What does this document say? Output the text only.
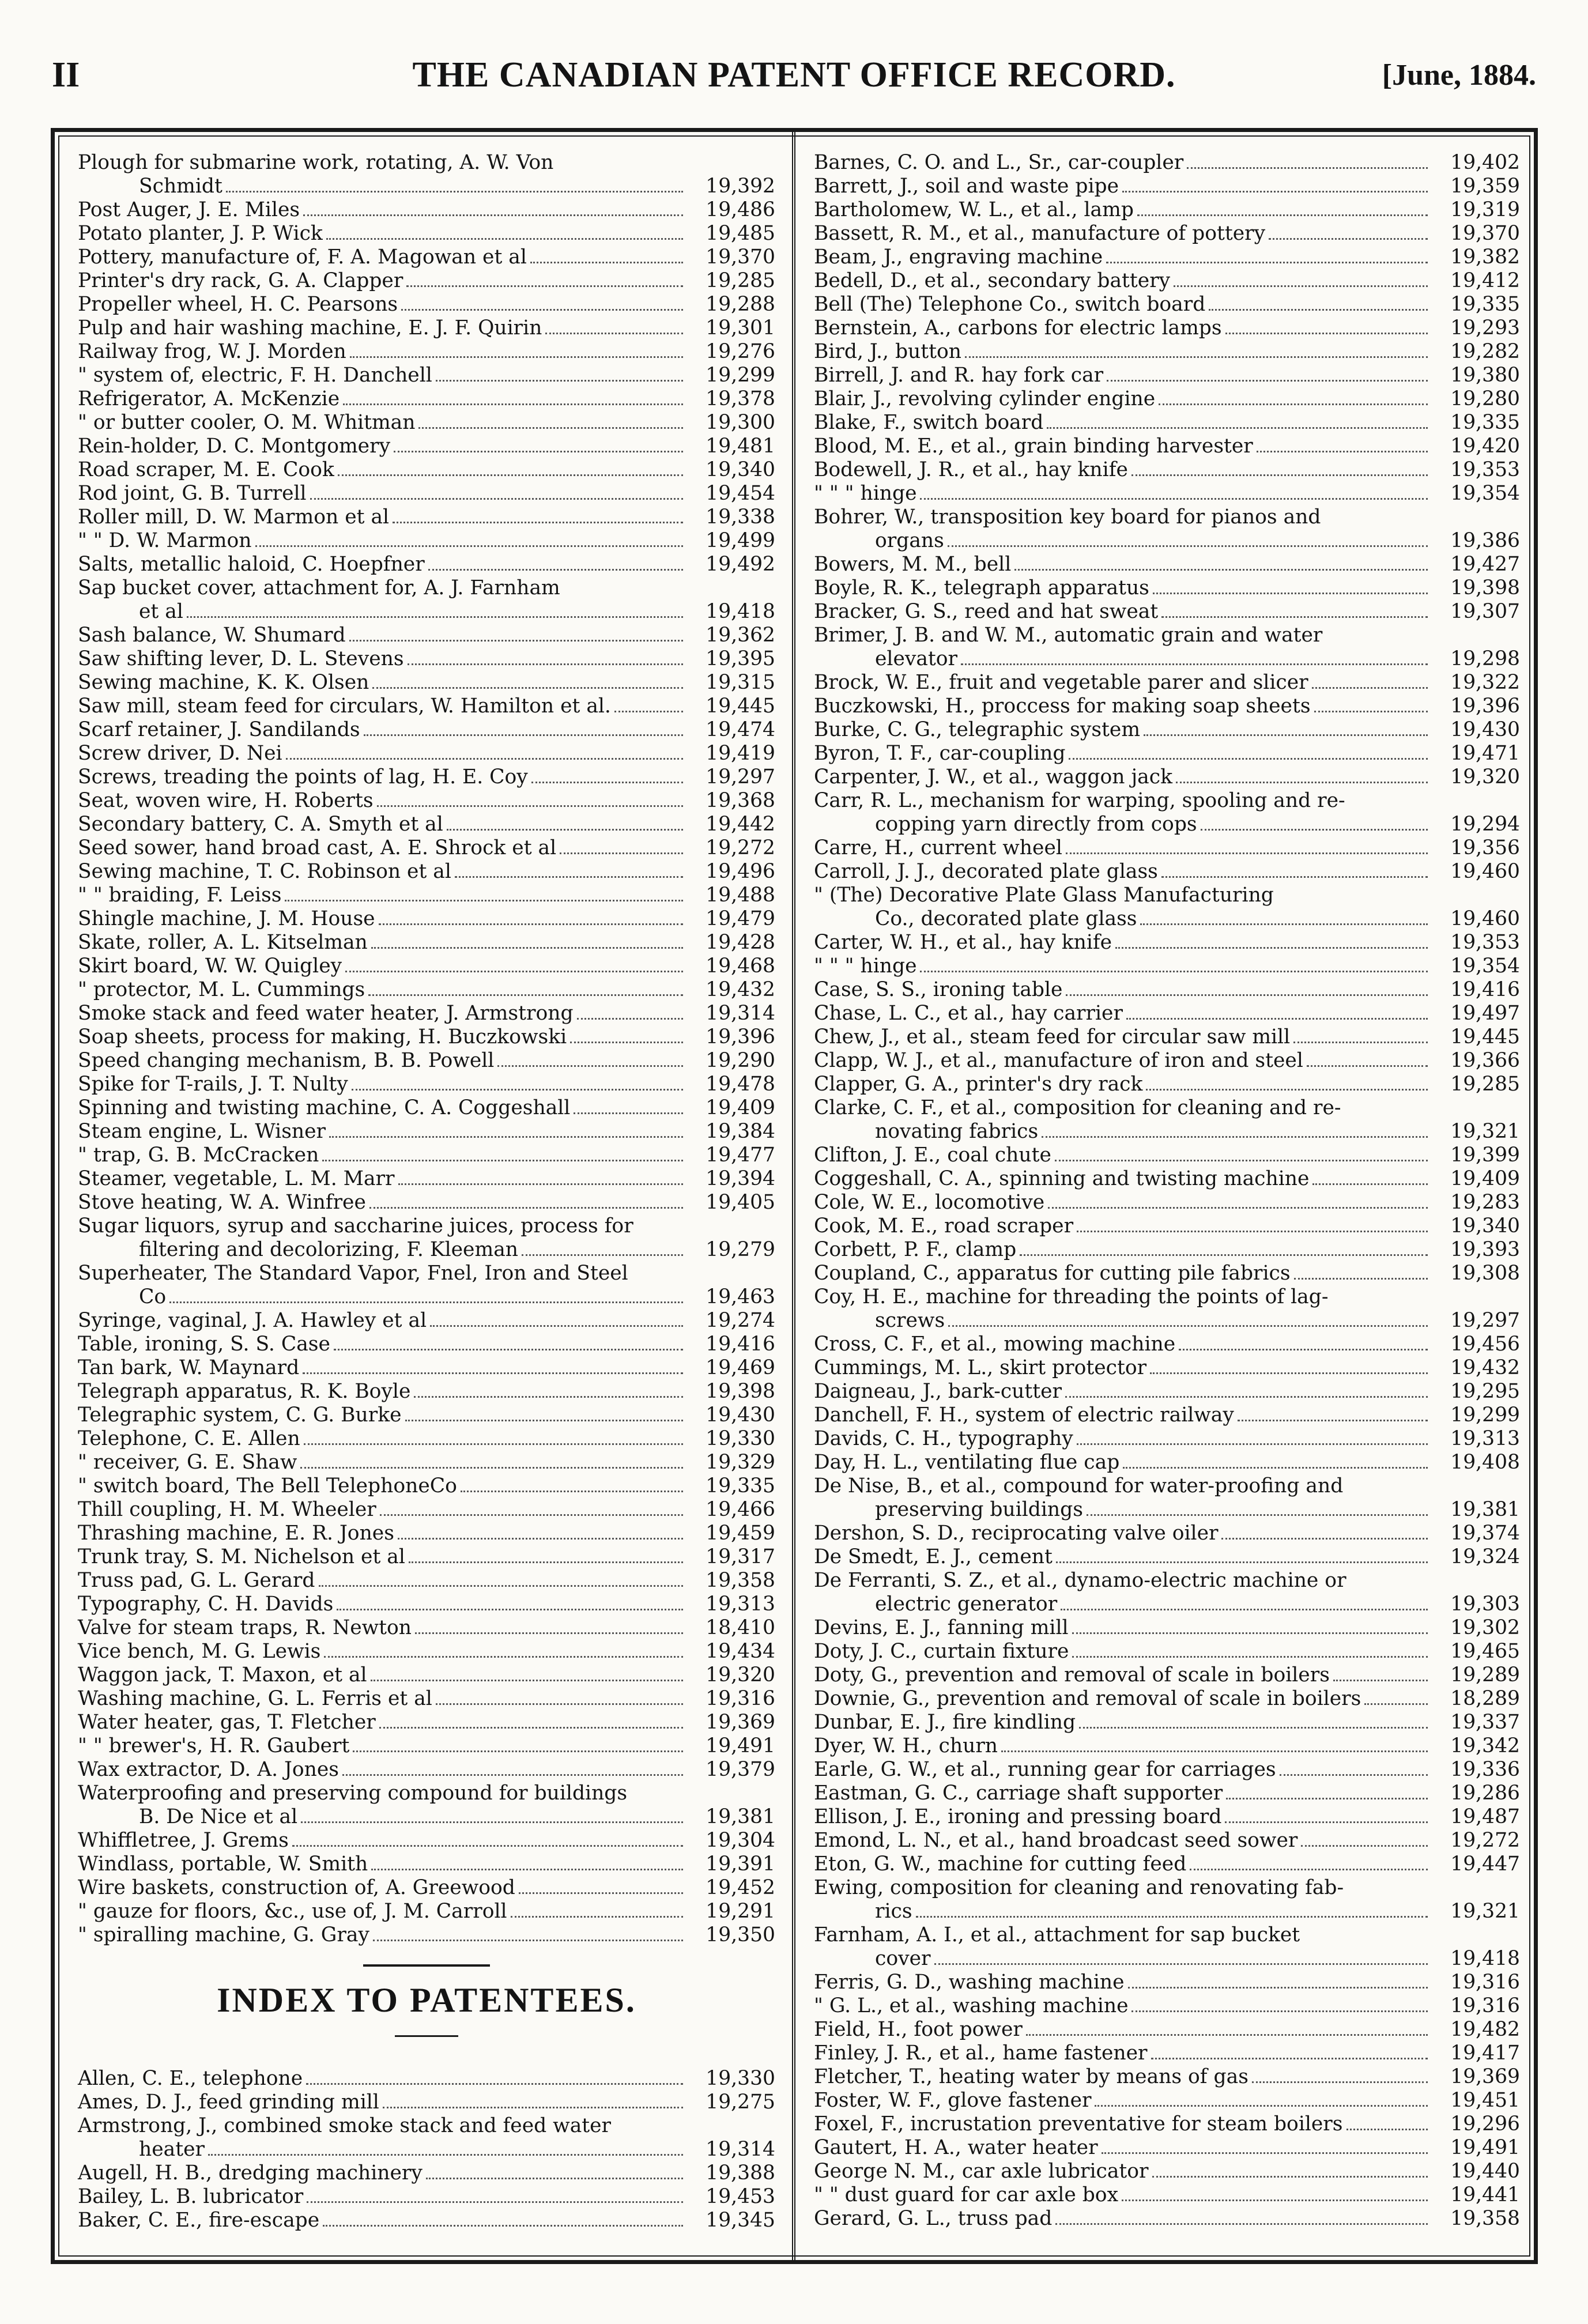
II	THE CANADIAN PATENT OFFICE RECORD.	[June, 1884.
Plough for submarine work, rotating, A. W. Von
Schmidt	19,392
Post Auger, J. E. Miles	19,486
Potato planter, J. P. Wick	19,485
Pottery, manufacture of, F. A. Magowan et al	19,370
Printer's dry rack, G. A. Clapper	19,285
Propeller wheel, H. C. Pearsons	19,288
Pulp and hair washing machine, E. J. F. Quirin	19,301
Railway frog, W. J. Morden	19,276
" system of, electric, F. H. Danchell	19,299
Refrigerator, A. McKenzie	19,378
" or butter cooler, O. M. Whitman	19,300
Rein-holder, D. C. Montgomery	19,481
Road scraper, M. E. Cook	19,340
Rod joint, G. B. Turrell	19,454
Roller mill, D. W. Marmon et al	19,338
" " D. W. Marmon	19,499
Salts, metallic haloid, C. Hoepfner	19,492
Sap bucket cover, attachment for, A. J. Farnham
et al	19,418
Sash balance, W. Shumard	19,362
Saw shifting lever, D. L. Stevens	19,395
Sewing machine, K. K. Olsen	19,315
Saw mill, steam feed for circulars, W. Hamilton et al.	19,445
Scarf retainer, J. Sandilands	19,474
Screw driver, D. Nei	19,419
Screws, treading the points of lag, H. E. Coy	19,297
Seat, woven wire, H. Roberts	19,368
Secondary battery, C. A. Smyth et al	19,442
Seed sower, hand broad cast, A. E. Shrock et al	19,272
Sewing machine, T. C. Robinson et al	19,496
" " braiding, F. Leiss	19,488
Shingle machine, J. M. House	19,479
Skate, roller, A. L. Kitselman	19,428
Skirt board, W. W. Quigley	19,468
" protector, M. L. Cummings	19,432
Smoke stack and feed water heater, J. Armstrong	19,314
Soap sheets, process for making, H. Buczkowski	19,396
Speed changing mechanism, B. B. Powell	19,290
Spike for T-rails, J. T. Nulty	19,478
Spinning and twisting machine, C. A. Coggeshall	19,409
Steam engine, L. Wisner	19,384
" trap, G. B. McCracken	19,477
Steamer, vegetable, L. M. Marr	19,394
Stove heating, W. A. Winfree	19,405
Sugar liquors, syrup and saccharine juices, process for
filtering and decolorizing, F. Kleeman	19,279
Superheater, The Standard Vapor, Fnel, Iron and Steel
Co	19,463
Syringe, vaginal, J. A. Hawley et al	19,274
Table, ironing, S. S. Case	19,416
Tan bark, W. Maynard	19,469
Telegraph apparatus, R. K. Boyle	19,398
Telegraphic system, C. G. Burke	19,430
Telephone, C. E. Allen	19,330
" receiver, G. E. Shaw	19,329
" switch board, The Bell TelephoneCo	19,335
Thill coupling, H. M. Wheeler	19,466
Thrashing machine, E. R. Jones	19,459
Trunk tray, S. M. Nichelson et al	19,317
Truss pad, G. L. Gerard	19,358
Typography, C. H. Davids	19,313
Valve for steam traps, R. Newton	18,410
Vice bench, M. G. Lewis	19,434
Waggon jack, T. Maxon, et al	19,320
Washing machine, G. L. Ferris et al	19,316
Water heater, gas, T. Fletcher	19,369
" " brewer's, H. R. Gaubert	19,491
Wax extractor, D. A. Jones	19,379
Waterproofing and preserving compound for buildings
B. De Nice et al	19,381
Whiffletree, J. Grems	19,304
Windlass, portable, W. Smith	19,391
Wire baskets, construction of, A. Greewood	19,452
" gauze for floors, &c., use of, J. M. Carroll	19,291
" spiralling machine, G. Gray	19,350
INDEX TO PATENTEES.
Allen, C. E., telephone	19,330
Ames, D. J., feed grinding mill	19,275
Armstrong, J., combined smoke stack and feed water
heater	19,314
Augell, H. B., dredging machinery	19,388
Bailey, L. B. lubricator	19,453
Baker, C. E., fire-escape	19,345
Barnes, C. O. and L., Sr., car-coupler	19,402
Barrett, J., soil and waste pipe	19,359
Bartholomew, W. L., et al., lamp	19,319
Bassett, R. M., et al., manufacture of pottery	19,370
Beam, J., engraving machine	19,382
Bedell, D., et al., secondary battery	19,412
Bell (The) Telephone Co., switch board	19,335
Bernstein, A., carbons for electric lamps	19,293
Bird, J., button	19,282
Birrell, J. and R. hay fork car	19,380
Blair, J., revolving cylinder engine	19,280
Blake, F., switch board	19,335
Blood, M. E., et al., grain binding harvester	19,420
Bodewell, J. R., et al., hay knife	19,353
" " " hinge	19,354
Bohrer, W., transposition key board for pianos and
organs	19,386
Bowers, M. M., bell	19,427
Boyle, R. K., telegraph apparatus	19,398
Bracker, G. S., reed and hat sweat	19,307
Brimer, J. B. and W. M., automatic grain and water
elevator	19,298
Brock, W. E., fruit and vegetable parer and slicer	19,322
Buczkowski, H., proccess for making soap sheets	19,396
Burke, C. G., telegraphic system	19,430
Byron, T. F., car-coupling	19,471
Carpenter, J. W., et al., waggon jack	19,320
Carr, R. L., mechanism for warping, spooling and re-
copping yarn directly from cops	19,294
Carre, H., current wheel	19,356
Carroll, J. J., decorated plate glass	19,460
" (The) Decorative Plate Glass Manufacturing
Co., decorated plate glass	19,460
Carter, W. H., et al., hay knife	19,353
" " " hinge	19,354
Case, S. S., ironing table	19,416
Chase, L. C., et al., hay carrier	19,497
Chew, J., et al., steam feed for circular saw mill	19,445
Clapp, W. J., et al., manufacture of iron and steel	19,366
Clapper, G. A., printer's dry rack	19,285
Clarke, C. F., et al., composition for cleaning and re-
novating fabrics	19,321
Clifton, J. E., coal chute	19,399
Coggeshall, C. A., spinning and twisting machine	19,409
Cole, W. E., locomotive	19,283
Cook, M. E., road scraper	19,340
Corbett, P. F., clamp	19,393
Coupland, C., apparatus for cutting pile fabrics	19,308
Coy, H. E., machine for threading the points of lag-
screws	19,297
Cross, C. F., et al., mowing machine	19,456
Cummings, M. L., skirt protector	19,432
Daigneau, J., bark-cutter	19,295
Danchell, F. H., system of electric railway	19,299
Davids, C. H., typography	19,313
Day, H. L., ventilating flue cap	19,408
De Nise, B., et al., compound for water-proofing and
preserving buildings	19,381
Dershon, S. D., reciprocating valve oiler	19,374
De Smedt, E. J., cement	19,324
De Ferranti, S. Z., et al., dynamo-electric machine or
electric generator	19,303
Devins, E. J., fanning mill	19,302
Doty, J. C., curtain fixture	19,465
Doty, G., prevention and removal of scale in boilers	19,289
Downie, G., prevention and removal of scale in boilers	18,289
Dunbar, E. J., fire kindling	19,337
Dyer, W. H., churn	19,342
Earle, G. W., et al., running gear for carriages	19,336
Eastman, G. C., carriage shaft supporter	19,286
Ellison, J. E., ironing and pressing board	19,487
Emond, L. N., et al., hand broadcast seed sower	19,272
Eton, G. W., machine for cutting feed	19,447
Ewing, composition for cleaning and renovating fab-
rics	19,321
Farnham, A. I., et al., attachment for sap bucket
cover	19,418
Ferris, G. D., washing machine	19,316
" G. L., et al., washing machine	19,316
Field, H., foot power	19,482
Finley, J. R., et al., hame fastener	19,417
Fletcher, T., heating water by means of gas	19,369
Foster, W. F., glove fastener	19,451
Foxel, F., incrustation preventative for steam boilers	19,296
Gautert, H. A., water heater	19,491
George N. M., car axle lubricator	19,440
" " dust guard for car axle box	19,441
Gerard, G. L., truss pad	19,358
